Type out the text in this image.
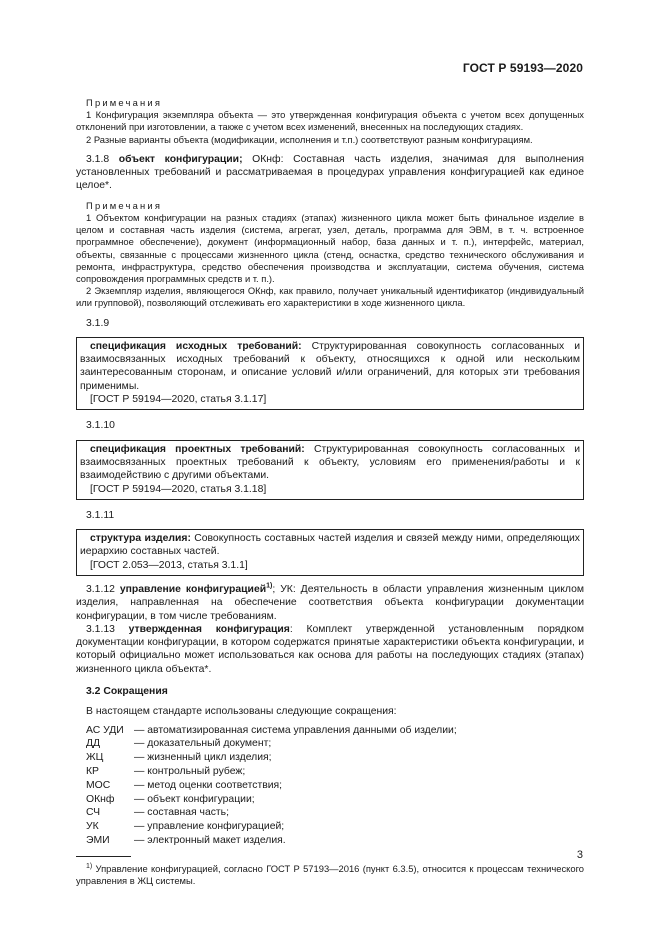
ГОСТ Р 59193—2020

Примечания

1 Конфигурация экземпляра объекта — это утвержденная конфигурация объекта с учетом всех допущенных отклонений при изготовлении, а также с учетом всех изменений, внесенных на последующих стадиях.

2 Разные варианты объекта (модификации, исполнения и т.п.) соответствуют разным конфигурациям.

3.1.8 объект конфигурации; ОКнф: Составная часть изделия, значимая для выполнения установленных требований и рассматриваемая в процедурах управления конфигурацией как единое целое*.

Примечания

1 Объектом конфигурации на разных стадиях (этапах) жизненного цикла может быть финальное изделие в целом и составная часть изделия (система, агрегат, узел, деталь, программа для ЭВМ, в т. ч. встроенное программное обеспечение), документ (информационный набор, база данных и т. п.), интерфейс, материал, объекты, связанные с процессами жизненного цикла (стенд, оснастка, средство технического обслуживания и ремонта, инфраструктура, средство обеспечения производства и эксплуатации, система обучения, система сопровождения программных средств и т. п.).

2 Экземпляр изделия, являющегося ОКнф, как правило, получает уникальный идентификатор (индивидуальный или групповой), позволяющий отслеживать его характеристики в ходе жизненного цикла.

3.1.9

спецификация исходных требований: Структурированная совокупность согласованных и взаимосвязанных исходных требований к объекту, относящихся к одной или нескольким заинтересованным сторонам, и описание условий и/или ограничений, для которых эти требования применимы.

[ГОСТ Р 59194—2020, статья 3.1.17]

3.1.10

спецификация проектных требований: Структурированная совокупность согласованных и взаимосвязанных проектных требований к объекту, условиям его применения/работы и к взаимодействию с другими объектами.

[ГОСТ Р 59194—2020, статья 3.1.18]

3.1.11

структура изделия: Совокупность составных частей изделия и связей между ними, определяющих иерархию составных частей.

[ГОСТ 2.053—2013, статья 3.1.1]

3.1.12 управление конфигурацией$^{1)}$; УК: Деятельность в области управления жизненным циклом изделия, направленная на обеспечение соответствия объекта конфигурации документации конфигурации, в том числе требованиям.

3.1.13 утвержденная конфигурация: Комплект утвержденной установленным порядком документации конфигурации, в котором содержатся принятые характеристики объекта конфигурации, и который официально может использоваться как основа для работы на последующих стадиях (этапах) жизненного цикла объекта*.

3.2 Сокращения

В настоящем стандарте использованы следующие сокращения:

АС УДИ	— автоматизированная система управления данными об изделии;
ДД	— доказательный документ;
ЖЦ	— жизненный цикл изделия;
КР	— контрольный рубеж;
МОС	— метод оценки соответствия;
ОКнф	— объект конфигурации;
СЧ	— составная часть;
УК	— управление конфигурацией;
ЭМИ	— электронный макет изделия.

$^{1)}$ Управление конфигурацией, согласно ГОСТ Р 57193—2016 (пункт 6.3.5), относится к процессам технического управления в ЖЦ системы.

3
